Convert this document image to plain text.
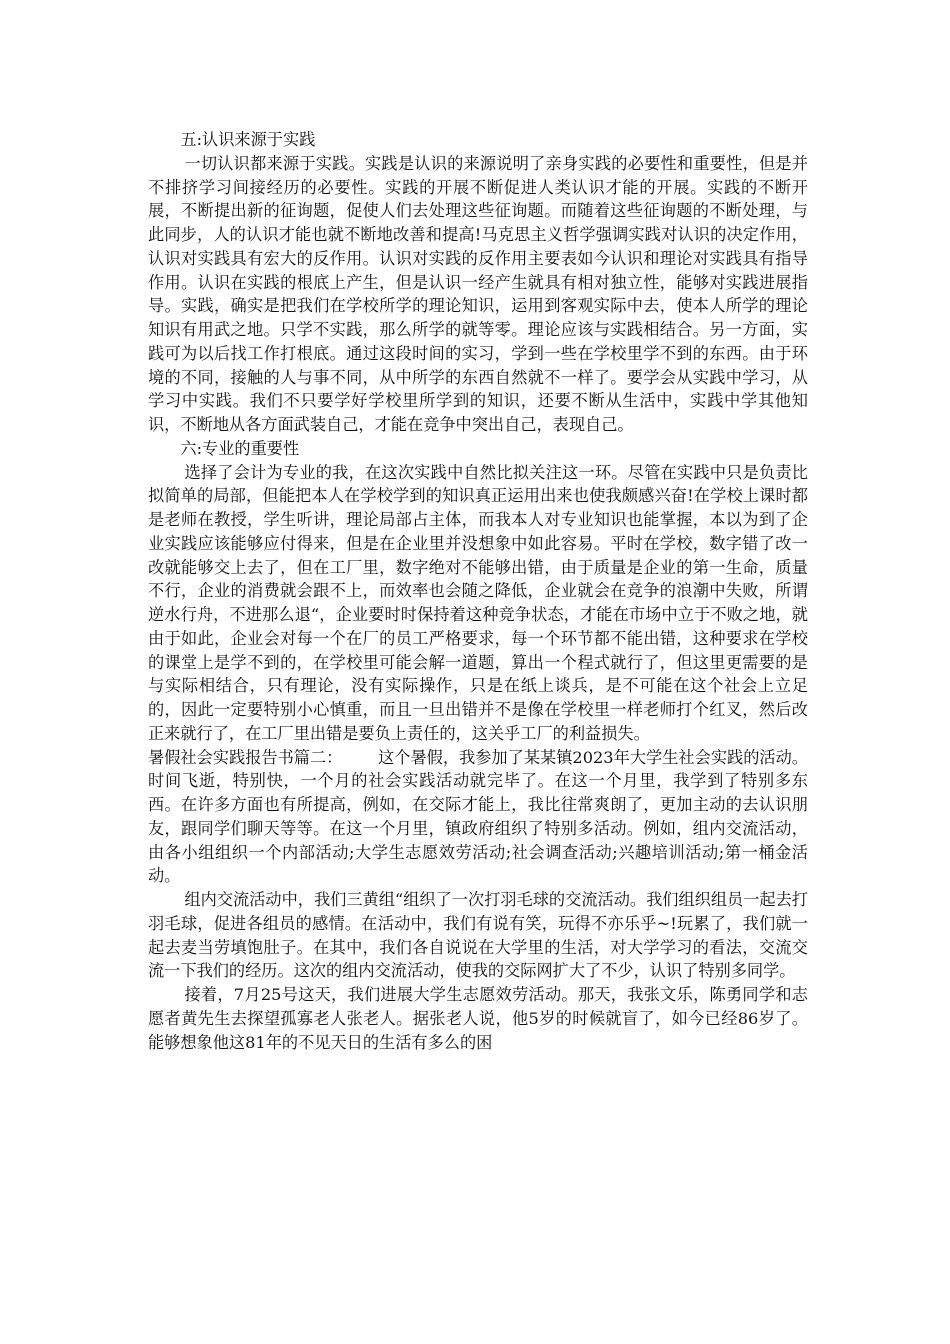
五:认识来源于实践

一切认识都来源于实践。实践是认识的来源说明了亲身实践的必要性和重要性，但是并不排挤学习间接经历的必要性。实践的开展不断促进人类认识才能的开展。实践的不断开展，不断提出新的征询题，促使人们去处理这些征询题。而随着这些征询题的不断处理，与此同步，人的认识才能也就不断地改善和提高!马克思主义哲学强调实践对认识的决定作用，认识对实践具有宏大的反作用。认识对实践的反作用主要表如今认识和理论对实践具有指导作用。认识在实践的根底上产生，但是认识一经产生就具有相对独立性，能够对实践进展指导。实践，确实是把我们在学校所学的理论知识，运用到客观实际中去，使本人所学的理论知识有用武之地。只学不实践，那么所学的就等零。理论应该与实践相结合。另一方面，实践可为以后找工作打根底。通过这段时间的实习，学到一些在学校里学不到的东西。由于环境的不同，接触的人与事不同，从中所学的东西自然就不一样了。要学会从实践中学习，从学习中实践。我们不只要学好学校里所学到的知识，还要不断从生活中，实践中学其他知识，不断地从各方面武装自己，才能在竞争中突出自己，表现自己。

六:专业的重要性

选择了会计为专业的我，在这次实践中自然比拟关注这一环。尽管在实践中只是负责比拟简单的局部，但能把本人在学校学到的知识真正运用出来也使我颇感兴奋!在学校上课时都是老师在教授，学生听讲，理论局部占主体，而我本人对专业知识也能掌握，本以为到了企业实践应该能够应付得来，但是在企业里并没想象中如此容易。平时在学校，数字错了改一改就能够交上去了，但在工厂里，数字绝对不能够出错，由于质量是企业的第一生命，质量不行，企业的消费就会跟不上，而效率也会随之降低，企业就会在竞争的浪潮中失败，所谓逆水行舟，不进那么退“，企业要时时保持着这种竞争状态，才能在市场中立于不败之地，就由于如此，企业会对每一个在厂的员工严格要求，每一个环节都不能出错，这种要求在学校的课堂上是学不到的，在学校里可能会解一道题，算出一个程式就行了，但这里更需要的是与实际相结合，只有理论，没有实际操作，只是在纸上谈兵，是不可能在这个社会上立足的，因此一定要特别小心慎重，而且一旦出错并不是像在学校里一样老师打个红叉，然后改正来就行了，在工厂里出错是要负上责任的，这关乎工厂的利益损失。

暑假社会实践报告书篇二： 这个暑假，我参加了某某镇2023年大学生社会实践的活动。时间飞逝，特别快，一个月的社会实践活动就完毕了。在这一个月里，我学到了特别多东西。在许多方面也有所提高，例如，在交际才能上，我比往常爽朗了，更加主动的去认识朋友，跟同学们聊天等等。在这一个月里，镇政府组织了特别多活动。例如，组内交流活动，由各小组组织一个内部活动;大学生志愿效劳活动;社会调查活动;兴趣培训活动;第一桶金活动。

组内交流活动中，我们三黄组“组织了一次打羽毛球的交流活动。我们组织组员一起去打羽毛球，促进各组员的感情。在活动中，我们有说有笑，玩得不亦乐乎~!玩累了，我们就一起去麦当劳填饱肚子。在其中，我们各自说说在大学里的生活，对大学学习的看法，交流交流一下我们的经历。这次的组内交流活动，使我的交际网扩大了不少，认识了特别多同学。

接着，7月25号这天，我们进展大学生志愿效劳活动。那天，我张文乐，陈勇同学和志愿者黄先生去探望孤寡老人张老人。据张老人说，他5岁的时候就盲了，如今已经86岁了。能够想象他这81年的不见天日的生活有多么的困
